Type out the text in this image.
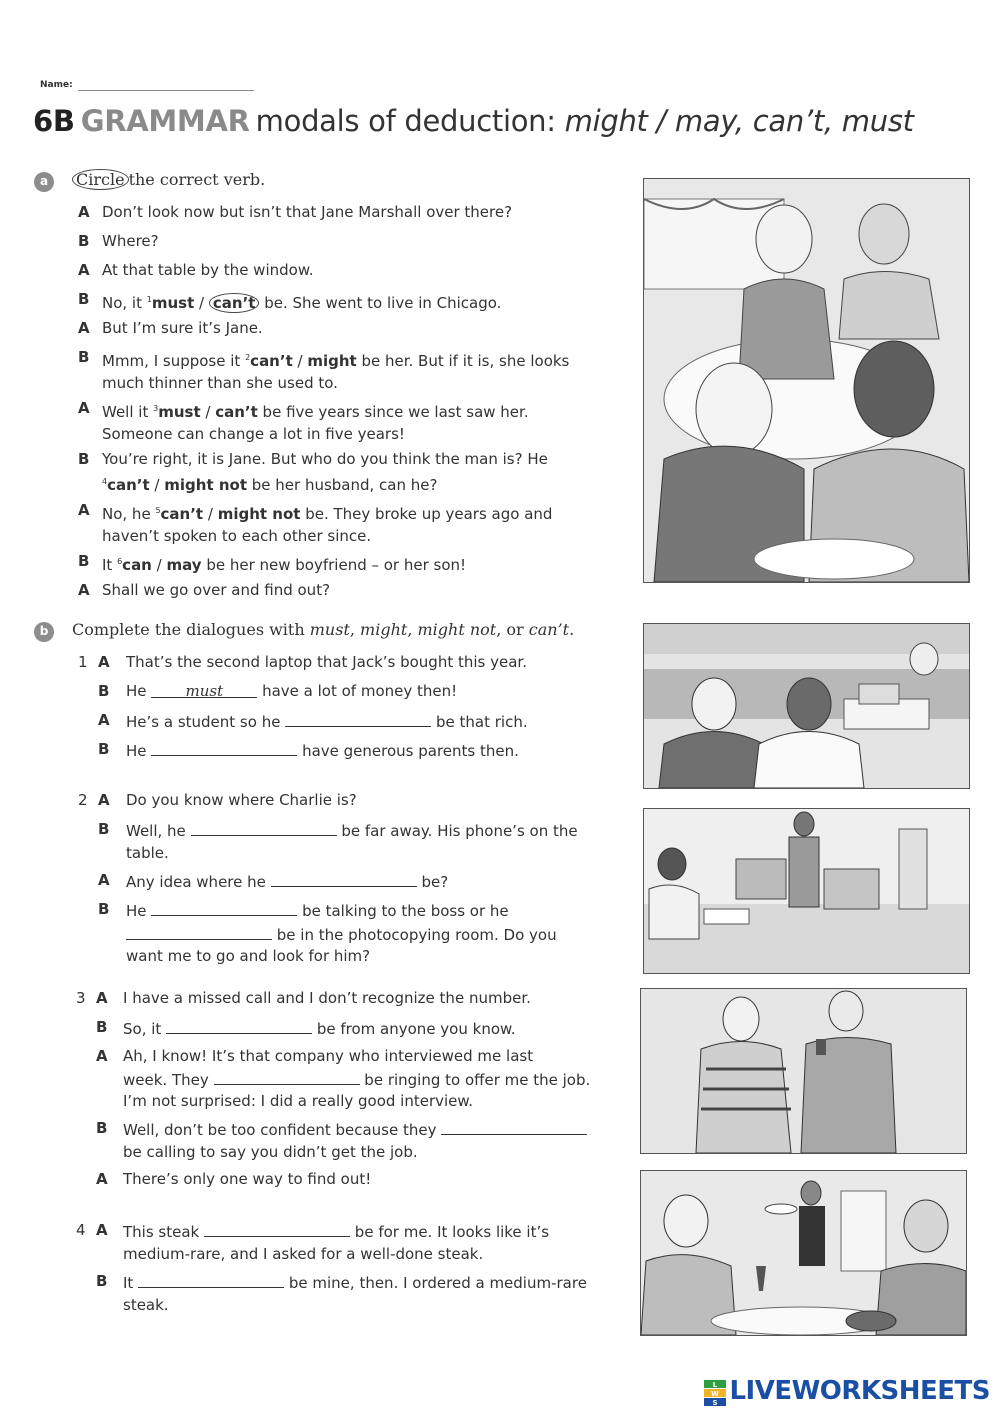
Name:
6B GRAMMAR modals of deduction: might / may, can’t, must
a	Circle the correct verb.
A Don’t look now but isn’t that Jane Marshall over there?
B Where?
A At that table by the window.
B No, it $^1$must / can’t be. She went to live in Chicago.
A But I’m sure it’s Jane.
B Mmm, I suppose it $^2$can’t / might be her. But if it is, she looks
much thinner than she used to.
A Well it $^3$must / can’t be five years since we last saw her.
Someone can change a lot in five years!
B You’re right, it is Jane. But who do you think the man is? He
$^4$can’t / might not be her husband, can he?
A No, he $^5$can’t / might not be. They broke up years ago and
haven’t spoken to each other since.
B It $^6$can / may be her new boyfriend – or her son!
A Shall we go over and find out?
b	Complete the dialogues with must, might, might not, or can’t.
1 A That’s the second laptop that Jack’s bought this year.
B He	must	have a lot of money then!
A He’s a student so he	be that rich.
B He	have generous parents then.
2 A Do you know where Charlie is?
B Well, he	be far away. His phone’s on the
table.
A Any idea where he	be?
B He	be talking to the boss or he
be in the photocopying room. Do you
want me to go and look for him?
3 A I have a missed call and I don’t recognize the number.
B So, it	be from anyone you know.
A Ah, I know! It’s that company who interviewed me last
week. They	be ringing to offer me the job.
I’m not surprised: I did a really good interview.
B Well, don’t be too confident because they
be calling to say you didn’t get the job.
A There’s only one way to find out!
4 A This steak	be for me. It looks like it’s
medium-rare, and I asked for a well-done steak.
B It	be mine, then. I ordered a medium-rare
steak.
L
W
S LIVEWORKSHEETS
